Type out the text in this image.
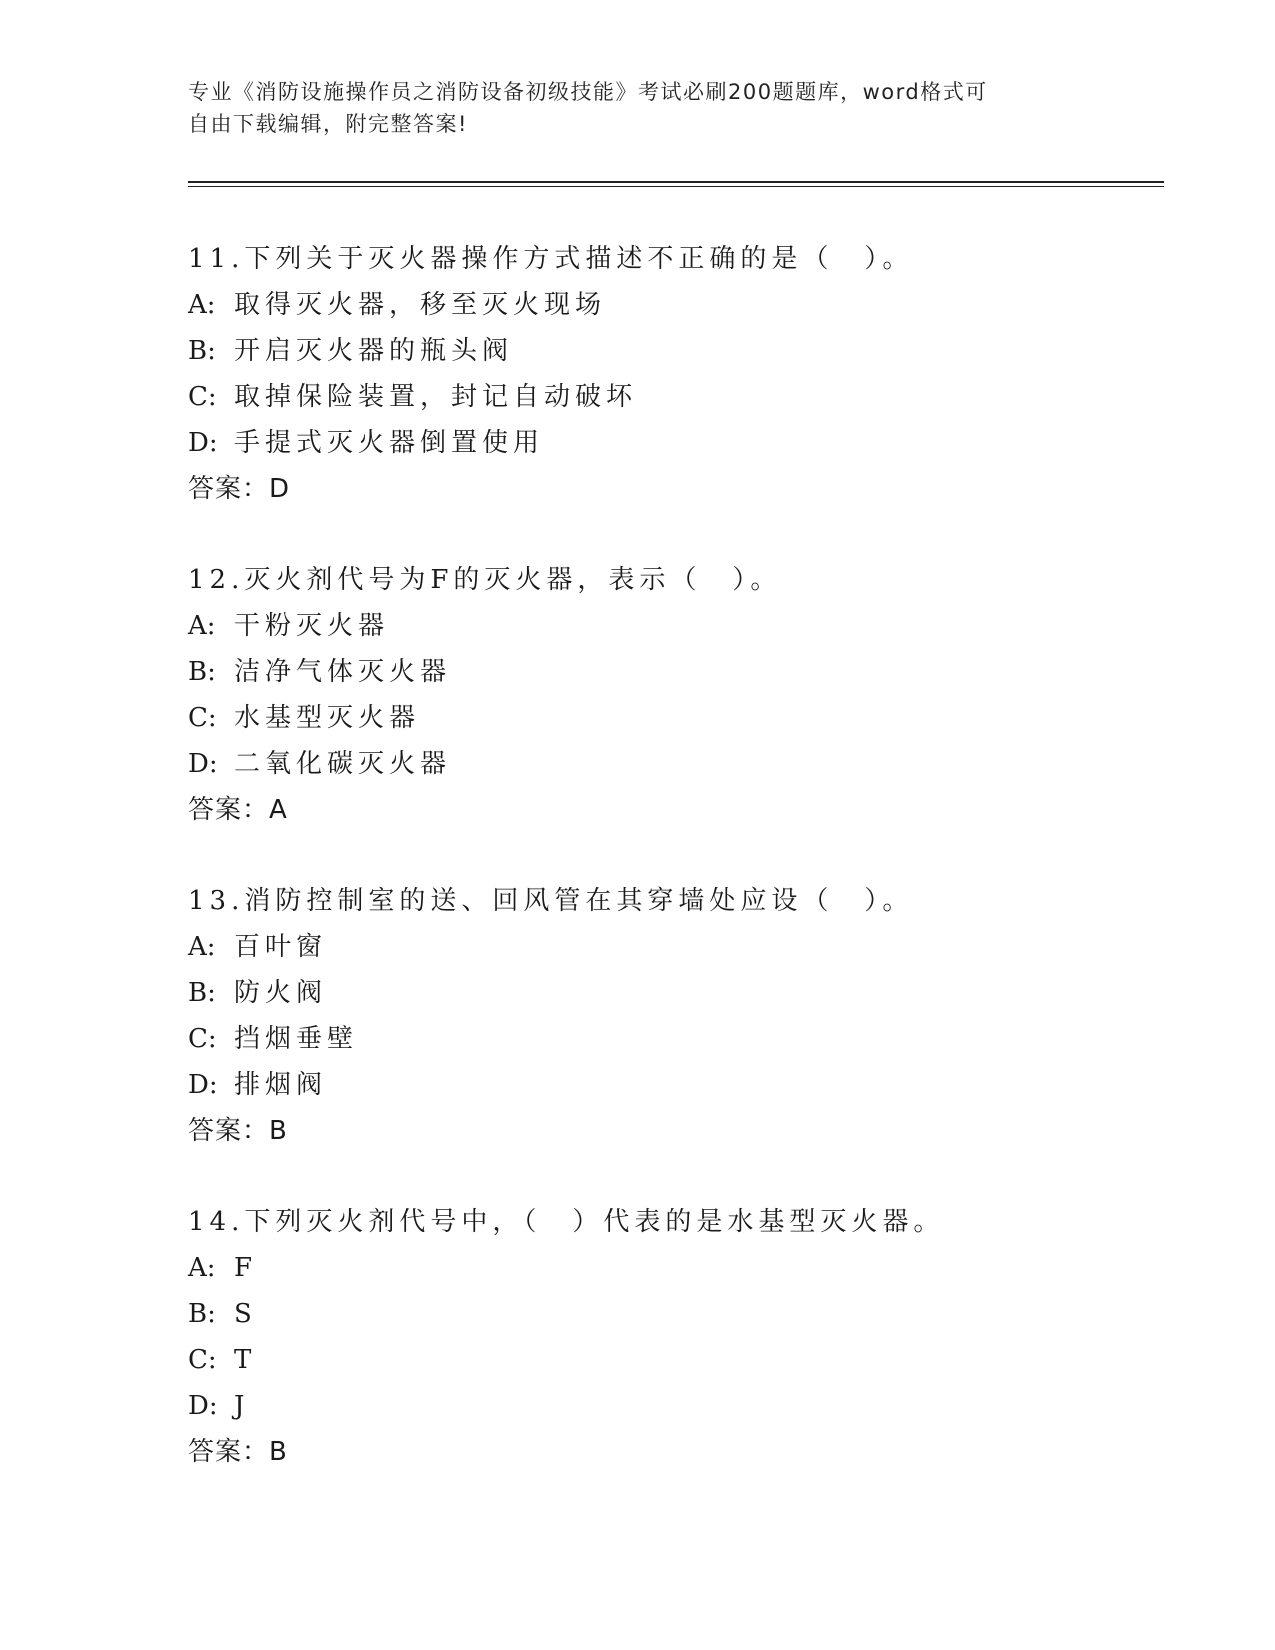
专业《消防设施操作员之消防设备初级技能》考试必刷200题题库，word格式可
自由下载编辑，附完整答案!
11.下列关于灭火器操作方式描述不正确的是（　）。
A: 取得灭火器，移至灭火现场
B: 开启灭火器的瓶头阀
C: 取掉保险装置，封记自动破坏
D: 手提式灭火器倒置使用
答案：D
12.灭火剂代号为F的灭火器，表示（　）。
A: 干粉灭火器
B: 洁净气体灭火器
C: 水基型灭火器
D: 二氧化碳灭火器
答案：A
13.消防控制室的送、回风管在其穿墙处应设（　）。
A: 百叶窗
B: 防火阀
C: 挡烟垂壁
D: 排烟阀
答案：B
14.下列灭火剂代号中，（　）代表的是水基型灭火器。
A: F
B: S
C: T
D: J
答案：B
